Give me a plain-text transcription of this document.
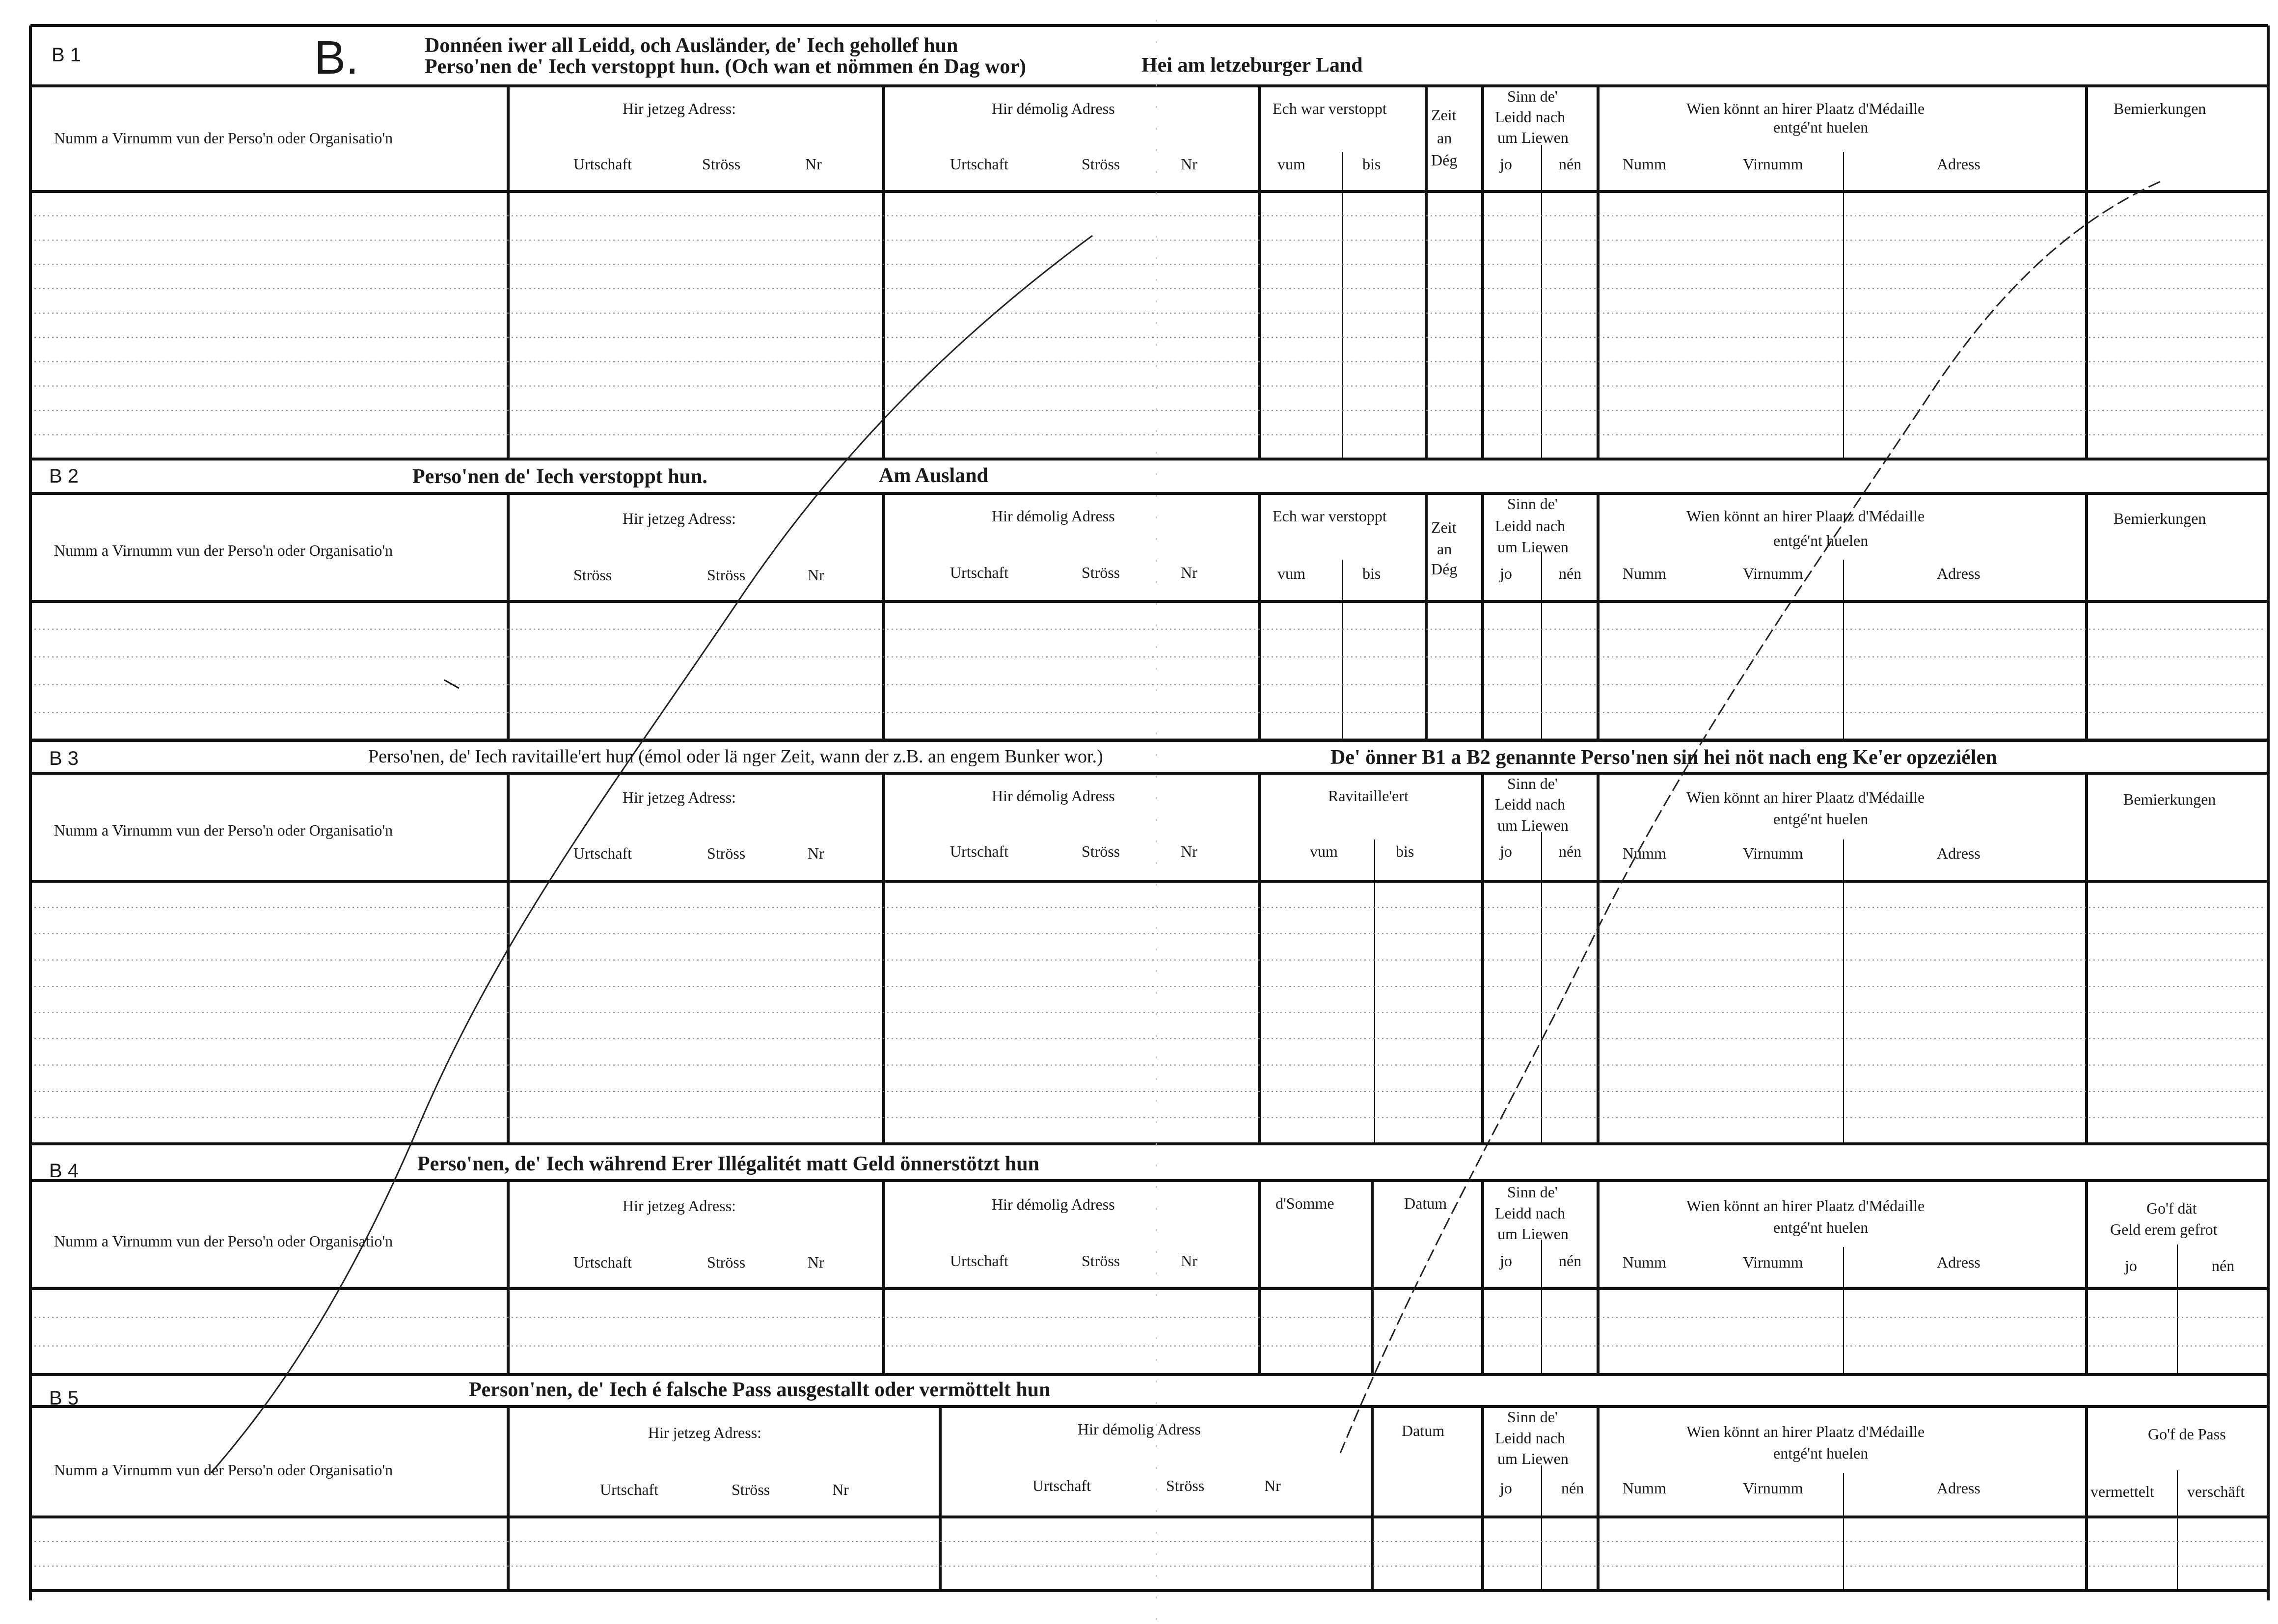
B 1	B.	Donnéen iwer all Leidd, och Ausländer, de' Iech gehollef hun
Perso'nen de' Iech verstoppt hun. (Och wan et nömmen én Dag wor)	Hei am letzeburger Land
Numm a Virnumm vun der Perso'n oder Organisatio'n
Hir jetzeg Adress:
Urtschaft	Ströss	Nr
Hir démolig Adress
Urtschaft	Ströss	Nr
Ech war verstoppt
vum	bis
Zeit
an
Dég
Sinn de'
Leidd nach
um Liewen
jo	nén
Wien könnt an hirer Plaatz d'Médaille
entgé'nt huelen
Numm	Virnumm	Adress
Bemierkungen
B 2	Perso'nen de' Iech verstoppt hun.	Am Ausland
Numm a Virnumm vun der Perso'n oder Organisatio'n
Hir jetzeg Adress:
Ströss	Ströss	Nr
Hir démolig Adress
Urtschaft	Ströss	Nr
Ech war verstoppt
vum	bis
Zeit
an
Dég
Sinn de'
Leidd nach
um Liewen
jo	nén
Wien könnt an hirer Plaatz d'Médaille
entgé'nt huelen
Numm	Virnumm	Adress
Bemierkungen
B 3	Perso'nen, de' Iech ravitaille'ert hun (émol oder lä nger Zeit, wann der z.B. an engem Bunker wor.)	De' önner B1 a B2 genannte Perso'nen sin hei nöt nach eng Ke'er opzeziélen
Numm a Virnumm vun der Perso'n oder Organisatio'n
Hir jetzeg Adress:
Urtschaft	Ströss	Nr
Hir démolig Adress
Urtschaft	Ströss	Nr
Ravitaille'ert
vum	bis
Sinn de'
Leidd nach
um Liewen
jo	nén
Wien könnt an hirer Plaatz d'Médaille
entgé'nt huelen
Numm	Virnumm	Adress
Bemierkungen
B 4	Perso'nen, de' Iech während Erer Illégalitét matt Geld önnerstötzt hun
Numm a Virnumm vun der Perso'n oder Organisatio'n
Hir jetzeg Adress:
Urtschaft	Ströss	Nr
Hir démolig Adress
Urtschaft	Ströss	Nr
d'Somme	Datum
Sinn de'
Leidd nach
um Liewen
jo	nén
Wien könnt an hirer Plaatz d'Médaille
entgé'nt huelen
Numm	Virnumm	Adress
Go'f dät
Geld erem gefrot
jo	nén
B 5	Person'nen, de' Iech é falsche Pass ausgestallt oder vermöttelt hun
Numm a Virnumm vun der Perso'n oder Organisatio'n
Hir jetzeg Adress:
Urtschaft	Ströss	Nr
Hir démolig Adress
Urtschaft	Ströss	Nr
Datum
Sinn de'
Leidd nach
um Liewen
jo	nén
Wien könnt an hirer Plaatz d'Médaille
entgé'nt huelen
Numm	Virnumm	Adress
Go'f de Pass
vermettelt verschäft
